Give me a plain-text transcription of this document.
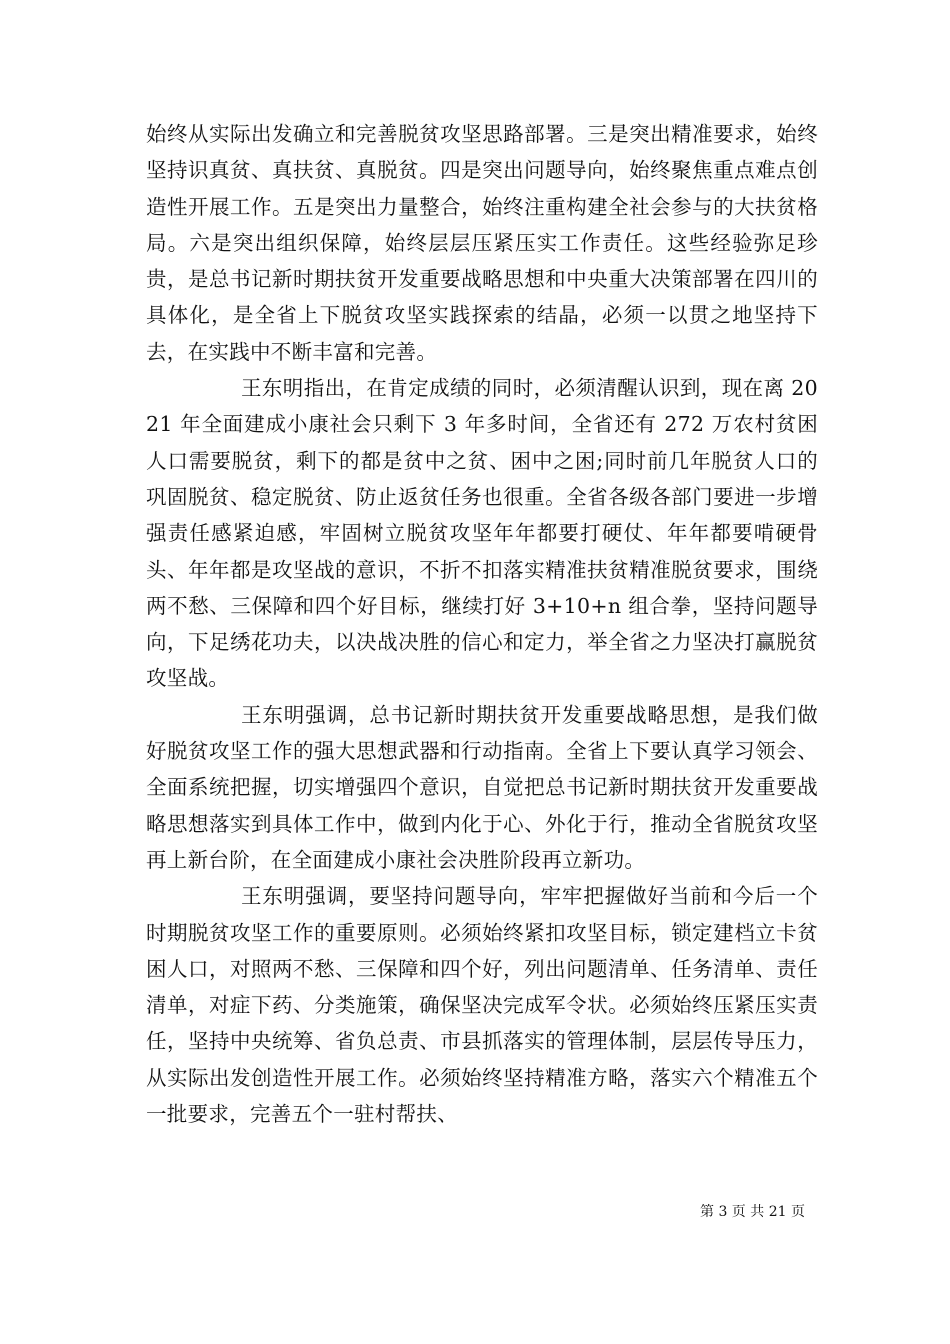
始终从实际出发确立和完善脱贫攻坚思路部署。三是突出精准要求，始终坚持识真贫、真扶贫、真脱贫。四是突出问题导向，始终聚焦重点难点创造性开展工作。五是突出力量整合，始终注重构建全社会参与的大扶贫格局。六是突出组织保障，始终层层压紧压实工作责任。这些经验弥足珍贵，是总书记新时期扶贫开发重要战略思想和中央重大决策部署在四川的具体化，是全省上下脱贫攻坚实践探索的结晶，必须一以贯之地坚持下去，在实践中不断丰富和完善。

王东明指出，在肯定成绩的同时，必须清醒认识到，现在离 2021 年全面建成小康社会只剩下 3 年多时间，全省还有 272 万农村贫困人口需要脱贫，剩下的都是贫中之贫、困中之困;同时前几年脱贫人口的巩固脱贫、稳定脱贫、防止返贫任务也很重。全省各级各部门要进一步增强责任感紧迫感，牢固树立脱贫攻坚年年都要打硬仗、年年都要啃硬骨头、年年都是攻坚战的意识，不折不扣落实精准扶贫精准脱贫要求，围绕两不愁、三保障和四个好目标，继续打好 3+10+n 组合拳，坚持问题导向，下足绣花功夫，以决战决胜的信心和定力，举全省之力坚决打赢脱贫攻坚战。

王东明强调，总书记新时期扶贫开发重要战略思想，是我们做好脱贫攻坚工作的强大思想武器和行动指南。全省上下要认真学习领会、全面系统把握，切实增强四个意识，自觉把总书记新时期扶贫开发重要战略思想落实到具体工作中，做到内化于心、外化于行，推动全省脱贫攻坚再上新台阶，在全面建成小康社会决胜阶段再立新功。

王东明强调，要坚持问题导向，牢牢把握做好当前和今后一个时期脱贫攻坚工作的重要原则。必须始终紧扣攻坚目标，锁定建档立卡贫困人口，对照两不愁、三保障和四个好，列出问题清单、任务清单、责任清单，对症下药、分类施策，确保坚决完成军令状。必须始终压紧压实责任，坚持中央统筹、省负总责、市县抓落实的管理体制，层层传导压力，从实际出发创造性开展工作。必须始终坚持精准方略，落实六个精准五个一批要求，完善五个一驻村帮扶、

第 3 页 共 21 页
